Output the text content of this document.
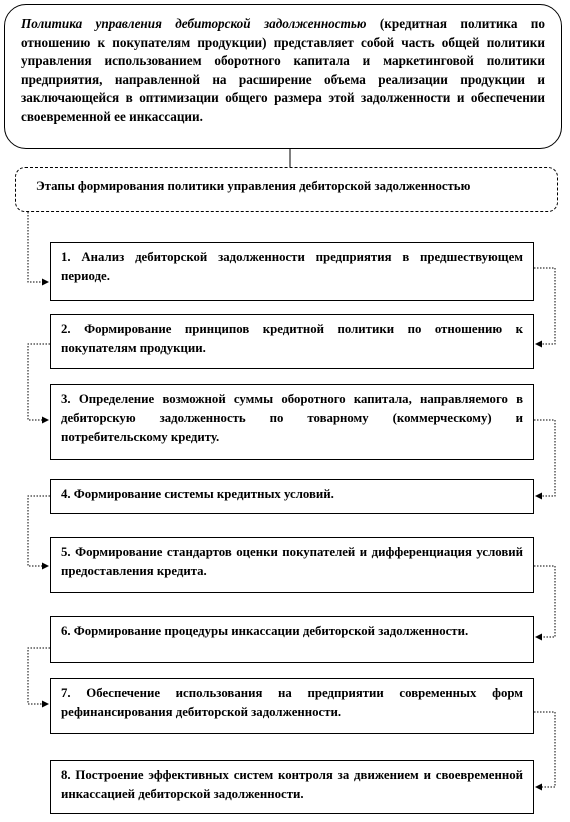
Политика управления дебиторской задолженностью (кредитная политика по отношению к покупателям продукции) представляет собой часть общей политики управления использованием оборотного капитала и маркетинговой политики предприятия, направленной на расширение объема реализации продукции и заключающейся в оптимизации общего размера этой задолженности и обеспечении своевременной ее инкассации.
Этапы формирования политики управления дебиторской задолженностью
1. Анализ дебиторской задолженности предприятия в предшествующем периоде.
2. Формирование принципов кредитной политики по отношению к покупателям продукции.
3. Определение возможной суммы оборотного капитала, направляемого в дебиторскую задолженность по товарному (коммерческому) и потребительскому кредиту.
4. Формирование системы кредитных условий.
5. Формирование стандартов оценки покупателей и дифференциация условий предоставления кредита.
6. Формирование процедуры инкассации дебиторской задолженности.
7. Обеспечение использования на предприятии современных форм рефинансирования дебиторской задолженности.
8. Построение эффективных систем контроля за движением и своевременной инкассацией дебиторской задолженности.
